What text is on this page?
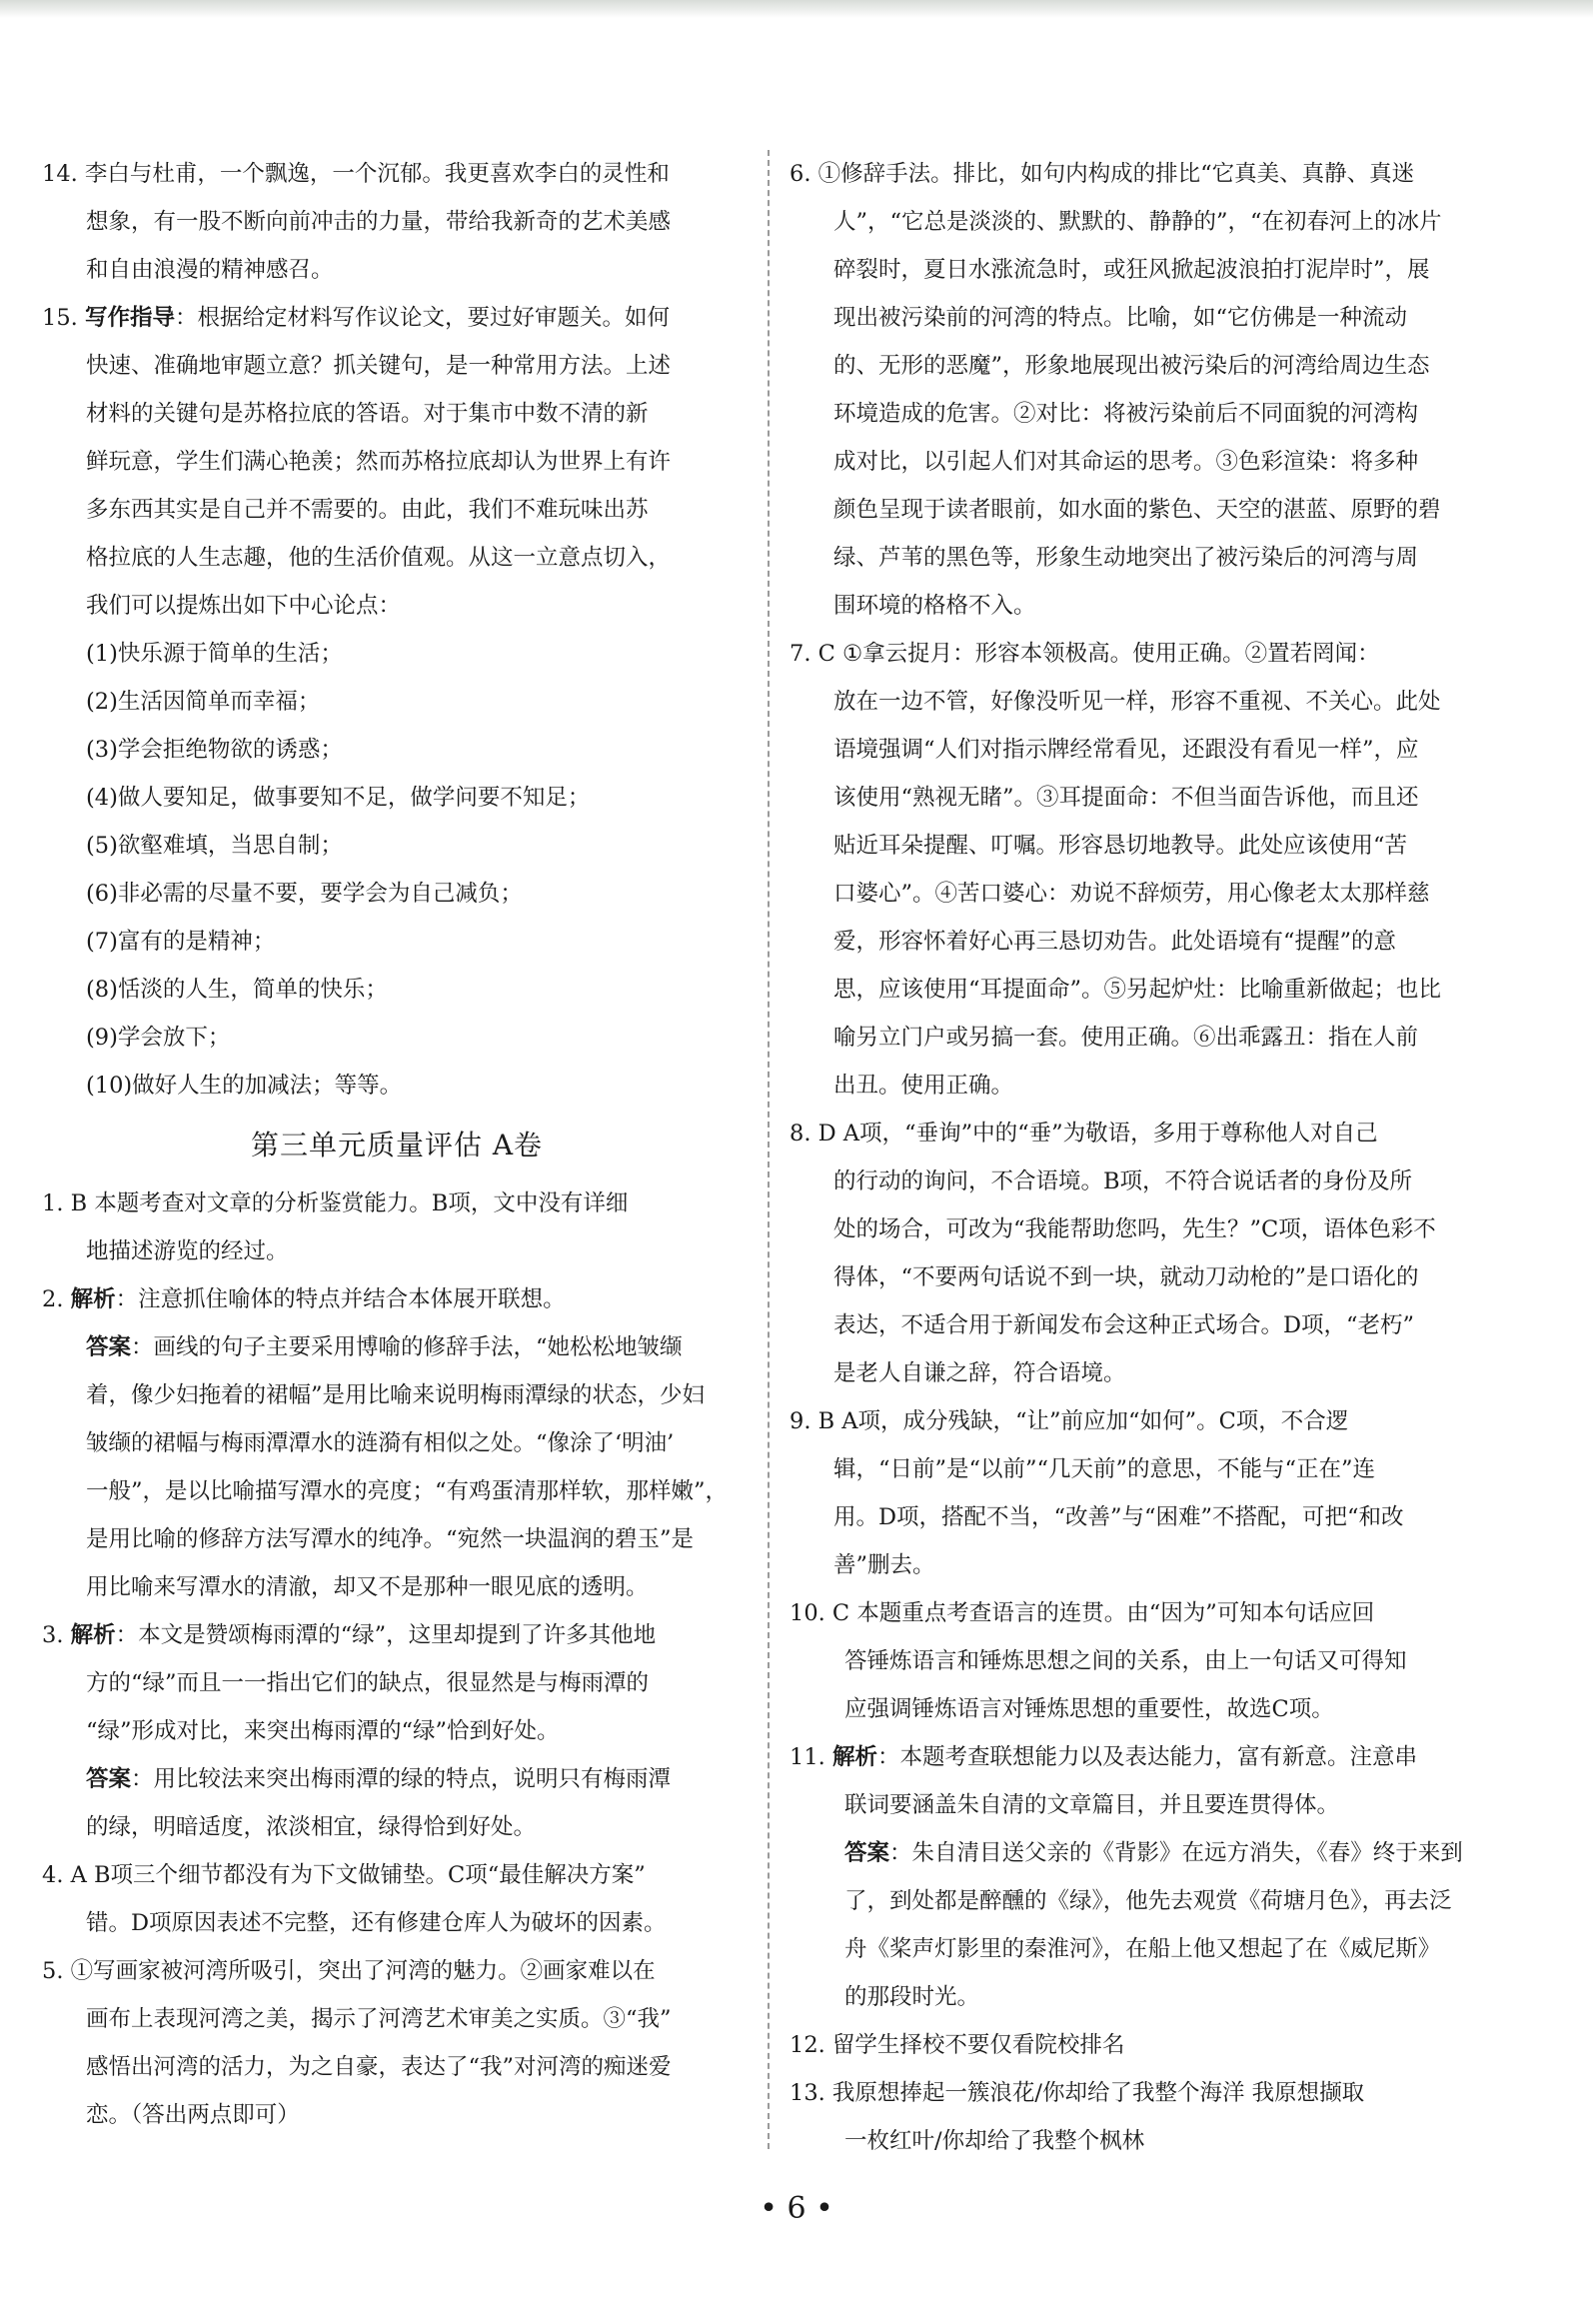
14. 李白与杜甫，一个飘逸，一个沉郁。我更喜欢李白的灵性和
想象，有一股不断向前冲击的力量，带给我新奇的艺术美感
和自由浪漫的精神感召。
15. 写作指导：根据给定材料写作议论文，要过好审题关。如何
快速、准确地审题立意？抓关键句，是一种常用方法。上述
材料的关键句是苏格拉底的答语。对于集市中数不清的新
鲜玩意，学生们满心艳羡；然而苏格拉底却认为世界上有许
多东西其实是自己并不需要的。由此，我们不难玩味出苏
格拉底的人生志趣，他的生活价值观。从这一立意点切入，
我们可以提炼出如下中心论点：
(1)快乐源于简单的生活；
(2)生活因简单而幸福；
(3)学会拒绝物欲的诱惑；
(4)做人要知足，做事要知不足，做学问要不知足；
(5)欲壑难填，当思自制；
(6)非必需的尽量不要，要学会为自己减负；
(7)富有的是精神；
(8)恬淡的人生，简单的快乐；
(9)学会放下；
(10)做好人生的加减法；等等。
第三单元质量评估 A卷
1. B 本题考查对文章的分析鉴赏能力。B项，文中没有详细
地描述游览的经过。
2. 解析：注意抓住喻体的特点并结合本体展开联想。
答案：画线的句子主要采用博喻的修辞手法，“她松松地皱缬
着，像少妇拖着的裙幅”是用比喻来说明梅雨潭绿的状态，少妇
皱缬的裙幅与梅雨潭潭水的涟漪有相似之处。“像涂了‘明油’
一般”，是以比喻描写潭水的亮度；“有鸡蛋清那样软，那样嫩”，
是用比喻的修辞方法写潭水的纯净。“宛然一块温润的碧玉”是
用比喻来写潭水的清澈，却又不是那种一眼见底的透明。
3. 解析：本文是赞颂梅雨潭的“绿”，这里却提到了许多其他地
方的“绿”而且一一指出它们的缺点，很显然是与梅雨潭的
“绿”形成对比，来突出梅雨潭的“绿”恰到好处。
答案：用比较法来突出梅雨潭的绿的特点，说明只有梅雨潭
的绿，明暗适度，浓淡相宜，绿得恰到好处。
4. A B项三个细节都没有为下文做铺垫。C项“最佳解决方案”
错。D项原因表述不完整，还有修建仓库人为破坏的因素。
5. ①写画家被河湾所吸引，突出了河湾的魅力。②画家难以在
画布上表现河湾之美，揭示了河湾艺术审美之实质。③“我”
感悟出河湾的活力，为之自豪，表达了“我”对河湾的痴迷爱
恋。（答出两点即可）
6. ①修辞手法。排比，如句内构成的排比“它真美、真静、真迷
人”，“它总是淡淡的、默默的、静静的”，“在初春河上的冰片
碎裂时，夏日水涨流急时，或狂风掀起波浪拍打泥岸时”，展
现出被污染前的河湾的特点。比喻，如“它仿佛是一种流动
的、无形的恶魔”，形象地展现出被污染后的河湾给周边生态
环境造成的危害。②对比：将被污染前后不同面貌的河湾构
成对比，以引起人们对其命运的思考。③色彩渲染：将多种
颜色呈现于读者眼前，如水面的紫色、天空的湛蓝、原野的碧
绿、芦苇的黑色等，形象生动地突出了被污染后的河湾与周
围环境的格格不入。
7. C ①拿云捉月：形容本领极高。使用正确。②置若罔闻：
放在一边不管，好像没听见一样，形容不重视、不关心。此处
语境强调“人们对指示牌经常看见，还跟没有看见一样”，应
该使用“熟视无睹”。③耳提面命：不但当面告诉他，而且还
贴近耳朵提醒、叮嘱。形容恳切地教导。此处应该使用“苦
口婆心”。④苦口婆心：劝说不辞烦劳，用心像老太太那样慈
爱，形容怀着好心再三恳切劝告。此处语境有“提醒”的意
思，应该使用“耳提面命”。⑤另起炉灶：比喻重新做起；也比
喻另立门户或另搞一套。使用正确。⑥出乖露丑：指在人前
出丑。使用正确。
8. D A项，“垂询”中的“垂”为敬语，多用于尊称他人对自己
的行动的询问，不合语境。B项，不符合说话者的身份及所
处的场合，可改为“我能帮助您吗，先生？”C项，语体色彩不
得体，“不要两句话说不到一块，就动刀动枪的”是口语化的
表达，不适合用于新闻发布会这种正式场合。D项，“老朽”
是老人自谦之辞，符合语境。
9. B A项，成分残缺，“让”前应加“如何”。C项，不合逻
辑，“日前”是“以前”“几天前”的意思，不能与“正在”连
用。D项，搭配不当，“改善”与“困难”不搭配，可把“和改
善”删去。
10. C 本题重点考查语言的连贯。由“因为”可知本句话应回
答锤炼语言和锤炼思想之间的关系，由上一句话又可得知
应强调锤炼语言对锤炼思想的重要性，故选C项。
11. 解析：本题考查联想能力以及表达能力，富有新意。注意串
联词要涵盖朱自清的文章篇目，并且要连贯得体。
答案：朱自清目送父亲的《背影》在远方消失，《春》终于来到
了，到处都是醉醺的《绿》，他先去观赏《荷塘月色》，再去泛
舟《桨声灯影里的秦淮河》，在船上他又想起了在《威尼斯》
的那段时光。
12. 留学生择校不要仅看院校排名
13. 我原想捧起一簇浪花/你却给了我整个海洋 我原想撷取
一枚红叶/你却给了我整个枫林
• 6 •
